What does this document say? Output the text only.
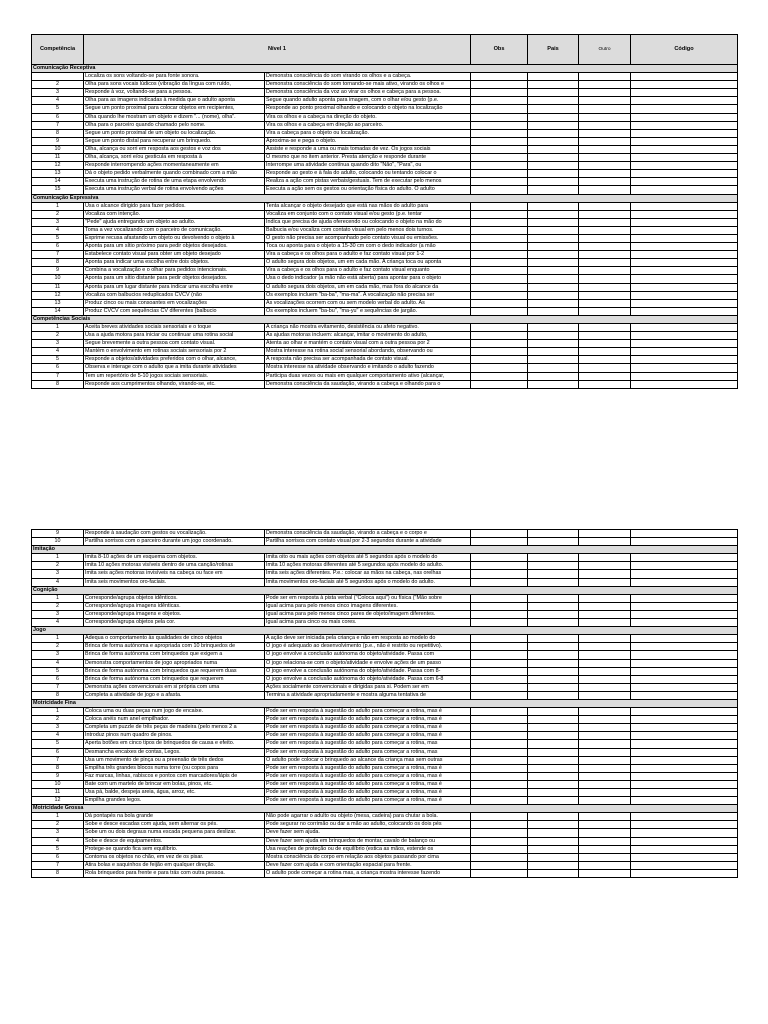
Competência	Nível 1		Obs	Pais	Outro	Código
Comunicação Receptiva						
	Localiza os sons voltando-se para fonte sonora.	Demonstra consciência do som virando os olhos e a cabeça.				
2	Olha para sons vocais lúdicos (vibração da língua com ruído,	Demonstra consciência do som tornando-se mais ativo, virando os olhos e				
3	Responde à voz, voltando-se para a pessoa.	Demonstra consciência da voz ao virar os olhos e cabeça para a pessoa.				
4	Olha para as imagens indicadas à medida que o adulto aponta	Segue quando adulto aponta para imagem, com o olhar e/ou gesto (p.e.				
5	Segue um ponto proximal para colocar objetos em recipientes,	Responde ao ponto proximal olhando e colocando o objeto na localização				
6	Olha quando lhe mostram um objeto e dizem "... (nome), olha".	Vira os olhos e a cabeça na direção do objeto.				
7	Olha para o parceiro quando chamado pelo nome.	Vira os olhos e a cabeça em direção ao parceiro.				
8	Segue um ponto proximal de um objeto ou localização.	Vira a cabeça para o objeto ou localização.				
9	Segue um ponto distal para recuperar um brinquedo.	Aproxima-se e pega o objeto.				
10	Olha, alcança ou sorri em resposta aos gestos e voz dos	Assiste e responde a uma ou mais tomadas de vez. Os jogos sociais				
11	Olha, alcança, sorri e/ou gesticula em resposta à	O mesmo que no item anterior. Presta atenção e responde durante				
12	Responde interrompendo ações momentaneamente em	Interrompe uma atividade contínua quando dito "Não", "Para", ou				
13	Dá o objeto pedido verbalmente quando combinado com a mão	Responde ao gesto e à fala do adulto, colocando ou tentando colocar o				
14	Executa uma instrução de rotina de uma etapa envolvendo	Realiza a ação com pistas verbais/gestuais. Tem de executar pelo menos				
15	Executa uma instrução verbal de rotina envolvendo ações	Executa a ação sem os gestos ou orientação física do adulto. O adulto				
Comunicação Expressiva						
1	Usa o alcance dirigido para fazer pedidos.	Tenta alcançar o objeto desejado que está nas mãos do adulto para				
2	Vocaliza com intenção.	Vocaliza em conjunto com o contato visual e/ou gesto (p.e. tentar				
3	"Pede" ajuda entregando um objeto ao adulto.	Indica que precisa de ajuda oferecendo ou colocando o objeto na mão do				
4	Toma a vez vocalizando com o parceiro de comunicação.	Balbucia e/ou vocaliza com contato visual em pelo menos dois turnos.				
5	Exprime recusa afastando um objeto ou devolvendo o objeto à	O gesto não precisa ser acompanhado pelo contato visual ou emissões.				
6	Aponta para um sítio próximo para pedir objetos desejados.	Toca ou aponta para o objeto a 15-30 cm com o dedo indicador (a mão				
7	Estabelece contato visual para obter um objeto desejado	Vira a cabeça e os olhos para o adulto e faz contato visual por 1-2				
8	Aponta para indicar uma escolha entre dois objetos.	O adulto segura dois objetos, um em cada mão. A criança toca ou aponta				
9	Combina a vocalização e o olhar para pedidos intencionais.	Vira a cabeça e os olhos para o adulto e faz contato visual enquanto				
10	Aponta para um sítio distante para pedir objetos desejados.	Usa o dedo indicador (a mão não está aberta) para apontar para o objeto				
11	Aponta para um lugar distante para indicar uma escolha entre	O adulto segura dois objetos, um em cada mão, mas fora do alcance da				
12	Vocaliza com balbucios reduplicados CVCV (não	Os exemplos incluem "ba-ba", "ma-ma". A vocalização não precisa ser				
13	Produz cinco ou mais consoantes em vocalizações	As vocalizações ocorrem com ou sem modelo verbal do adulto. As				
14	Produz CVCV com sequências CV diferentes (balbucio	Os exemplos incluem "ba-bu", "ma-yu" e sequências de jargão.				
Competências Sociais						
1	Aceita breves atividades sociais sensoriais e o toque	A criança não mostra evitamento, desistência ou afeto negativo.				
2	Usa a ajuda motora para iniciar ou continuar uma rotina social	As ajudas motoras incluem: alcançar, imitar o movimento do adulto,				
3	Segue brevemente a outra pessoa com contato visual.	Atenta ao olhar e mantém o contato visual com a outra pessoa por 2				
4	Mantém o envolvimento em rotinas sociais sensoriais por 2	Mostra interesse na rotina social sensorial abordando, observando ou				
5	Responde a objetos/atividades preferidos com o olhar, alcance,	A resposta não precisa ser acompanhada de contato visual.				
6	Observa e interage com o adulto que a imita durante atividades	Mostra interesse na atividade observando e imitando o adulto fazendo				
7	Tem um repertório de 5-10 jogos sociais sensoriais.	Participa duas vezes ou mais em qualquer comportamento ativo (alcançar,				
8	Responde aos cumprimentos olhando, virando-se, etc.	Demonstra consciência da saudação, virando a cabeça e olhando para o				
9	Responde à saudação com gestos ou vocalização.	Demonstra consciência da saudação, virando a cabeça e o corpo e				
10	Partilha sorrisos com o parceiro durante um jogo coordenado.	Partilha sorrisos com contato visual por 2-3 segundos durante a atividade				
Imitação						
1	Imita 8-10 ações de um esquema com objetos.	Imita oito ou mais ações com objetos até 5 segundos após o modelo do				
2	Imita 10 ações motoras visíveis dentro de uma canção/rotinas	Imita 10 ações motoras diferentes até 5 segundos após modelo do adulto.				
3	Imita seis ações motoras invisíveis na cabeça ou face em	Imita seis ações diferentes. P.e.: colocar as mãos na cabeça, nas orelhas				
4	Imita seis movimentos oro-faciais.	Imita movimentos oro-faciais até 5 segundos após o modelo do adulto.				
Cognição						
1	Corresponde/agrupa objetos idênticos.	Pode ser em resposta à pista verbal ("Coloca aqui") ou física ("Mão sobre				
2	Corresponde/agrupa imagens idênticas.	Igual acima para pelo menos cinco imagens diferentes.				
3	Corresponde/agrupa imagens e objetos.	Igual acima para pelo menos cinco pares de objeto/imagem diferentes.				
4	Corresponde/agrupa objetos pela cor.	Igual acima para cinco ou mais cores.				
Jogo						
1	Adequa o comportamento às qualidades de cinco objetos	A ação deve ser iniciada pela criança e não em resposta ao modelo do				
2	Brinca de forma autónoma e apropriada com 10 brinquedos de	O jogo é adequado ao desenvolvimento (p.e., não é restrito ou repetitivo).				
3	Brinca de forma autónoma com brinquedos que exigem a	O jogo envolve a conclusão autónoma do objeto/atividade. Passa com				
4	Demonstra comportamentos de jogo apropriados numa	O jogo relaciona-se com o objeto/atividade e envolve ações de um passo				
5	Brinca de forma autónoma com brinquedos que requerem duas	O jogo envolve a conclusão autónoma do objeto/atividade. Passa com 8-				
6	Brinca de forma autónoma com brinquedos que requerem	O jogo envolve a conclusão autónoma do objeto/atividade. Passa com 6-8				
7	Demonstra ações convencionais em si própria com uma	Ações socialmente convencionais e dirigidas para si. Podem ser em				
8	Completa a atividade de jogo e a afasta.	Termina a atividade apropriadamente e mostra alguma tentativa de				
Motricidade Fina						
1	Coloca uma ou duas peças num jogo de encaixe.	Pode ser em resposta à sugestão do adulto para começar a rotina, mas é				
2	Coloca anéis num anel empilhador.	Pode ser em resposta à sugestão do adulto para começar a rotina, mas é				
3	Completa um puzzle de três peças de madeira (pelo menos 2 a	Pode ser em resposta à sugestão do adulto para começar a rotina, mas é				
4	Introduz pinos num quadro de pinos.	Pode ser em resposta à sugestão do adulto para começar a rotina, mas é				
5	Aperta botões em cinco tipos de brinquedos de causa e efeito.	Pode ser em resposta à sugestão do adulto para começar a rotina, mas				
6	Desmancha encaixes de contas, Legos.	Pode ser em resposta à sugestão do adulto para começar a rotina, mas				
7	Usa um movimento de pinça ou a preensão de três dedos	O adulto pode colocar o brinquedo ao alcance da criança mas sem outras				
8	Empilha três grandes blocos numa torre (ou copos para	Pode ser em resposta à sugestão do adulto para começar a rotina, mas é				
9	Faz marcas, linhas, rabiscos e pontos com marcadores/lápis de	Pode ser em resposta à sugestão do adulto para começar a rotina, mas é				
10	Bate com um martelo de brincar em bolas, pinos, etc.	Pode ser em resposta à sugestão do adulto para começar a rotina, mas é				
11	Usa pá, balde, despeja areia, água, arroz, etc.	Pode ser em resposta à sugestão do adulto para começar a rotina, mas é				
12	Empilha grandes legos.	Pode ser em resposta à sugestão do adulto para começar a rotina, mas é				
Motricidade Grossa						
1	Dá pontapés na bola grande	Não pode agarrar o adulto ou objeto (mesa, cadeira) para chutar a bola.				
2	Sobe e desce escadas com ajuda, sem alternar os pés.	Pode segurar no corrimão ou dar a mão ao adulto, colocando os dois pés				
3	Sobe um ou dois degraus numa escada pequena para deslizar.	Deve fazer sem ajuda.				
4	Sobe e desce de equipamentos.	Deve fazer sem ajuda em brinquedos de montar, cavalo de balanço ou				
5	Protege-se quando fica sem equilíbrio.	Usa reações de proteção ou de equilíbrio (estica as mãos, estende os				
6	Contorna os objetos no chão, em vez de os pisar.	Mostra consciência do corpo em relação aos objetos passando por cima				
7	Atira bolas e saquinhos de feijão em qualquer direção.	Deve fazer com ajuda e com orientação espacial para frente.				
8	Rola brinquedos para frente e para trás com outra pessoa.	O adulto pode começar a rotina mas, a criança mostra interesse fazendo				
